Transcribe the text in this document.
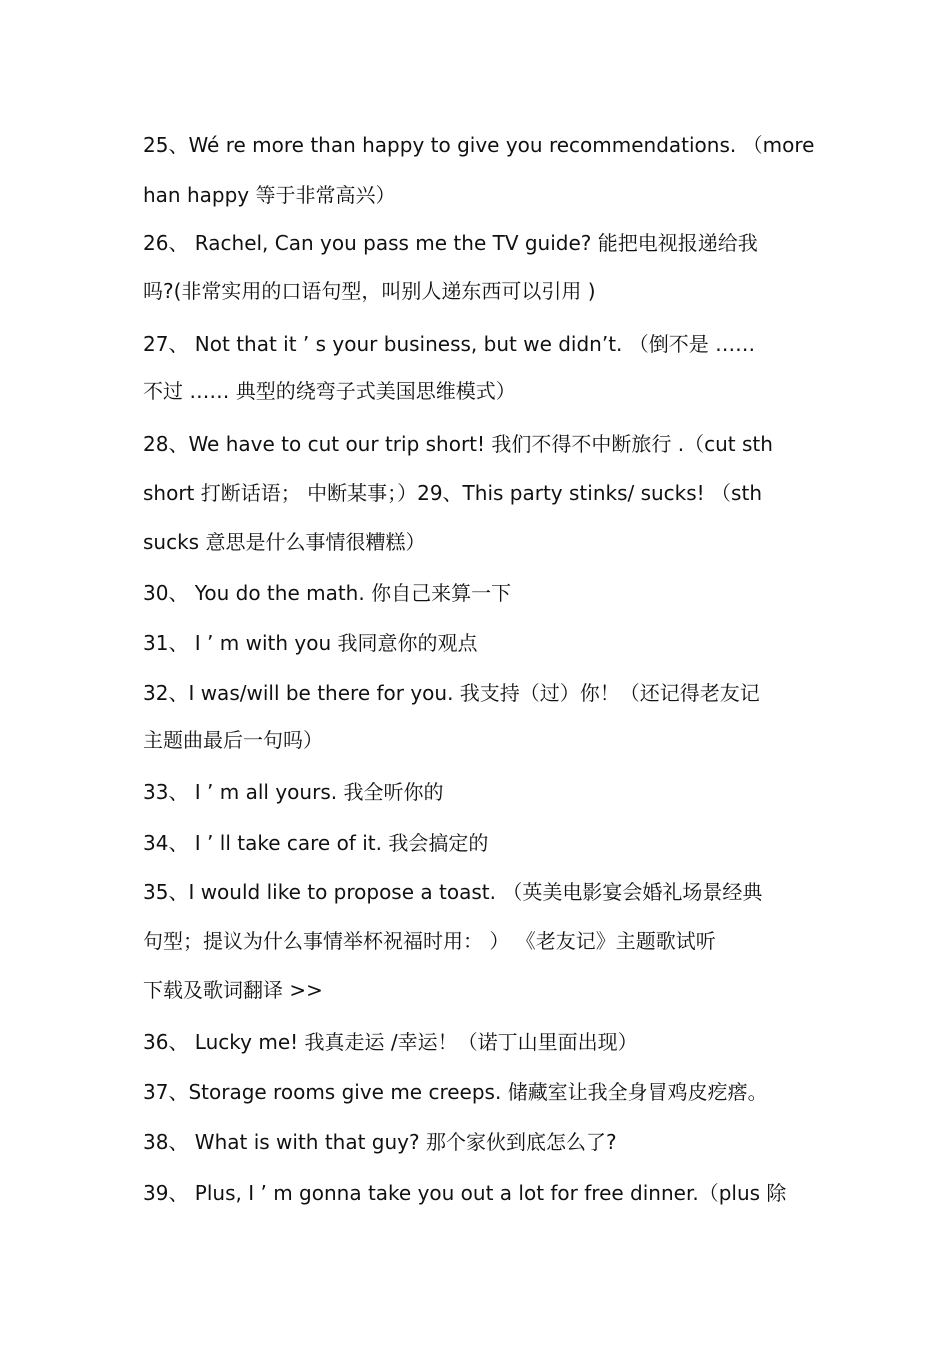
25、Wé re more than happy to give you recommendations. （more
han happy 等于非常高兴）
26、 Rachel, Can you pass me the TV guide? 能把电视报递给我
吗?(非常实用的口语句型，叫别人递东西可以引用 )
27、 Not that it ’ s your business, but we didn’t. （倒不是 ……
不过 …… 典型的绕弯子式美国思维模式）
28、We have to cut our trip short! 我们不得不中断旅行 .（cut sth
short 打断话语； 中断某事；）29、This party stinks/ sucks! （sth
sucks 意思是什么事情很糟糕）
30、 You do the math. 你自己来算一下
31、 I ’ m with you 我同意你的观点
32、I was/will be there for you. 我支持（过）你！（还记得老友记
主题曲最后一句吗）
33、 I ’ m all yours. 我全听你的
34、 I ’ ll take care of it. 我会搞定的
35、I would like to propose a toast. （英美电影宴会婚礼场景经典
句型；提议为什么事情举杯祝福时用： ） 《老友记》主题歌试听
下载及歌词翻译 >>
36、 Lucky me! 我真走运 /幸运！（诺丁山里面出现）
37、Storage rooms give me creeps. 储藏室让我全身冒鸡皮疙瘩。
38、 What is with that guy? 那个家伙到底怎么了?
39、 Plus, I ’ m gonna take you out a lot for free dinner.（plus 除
